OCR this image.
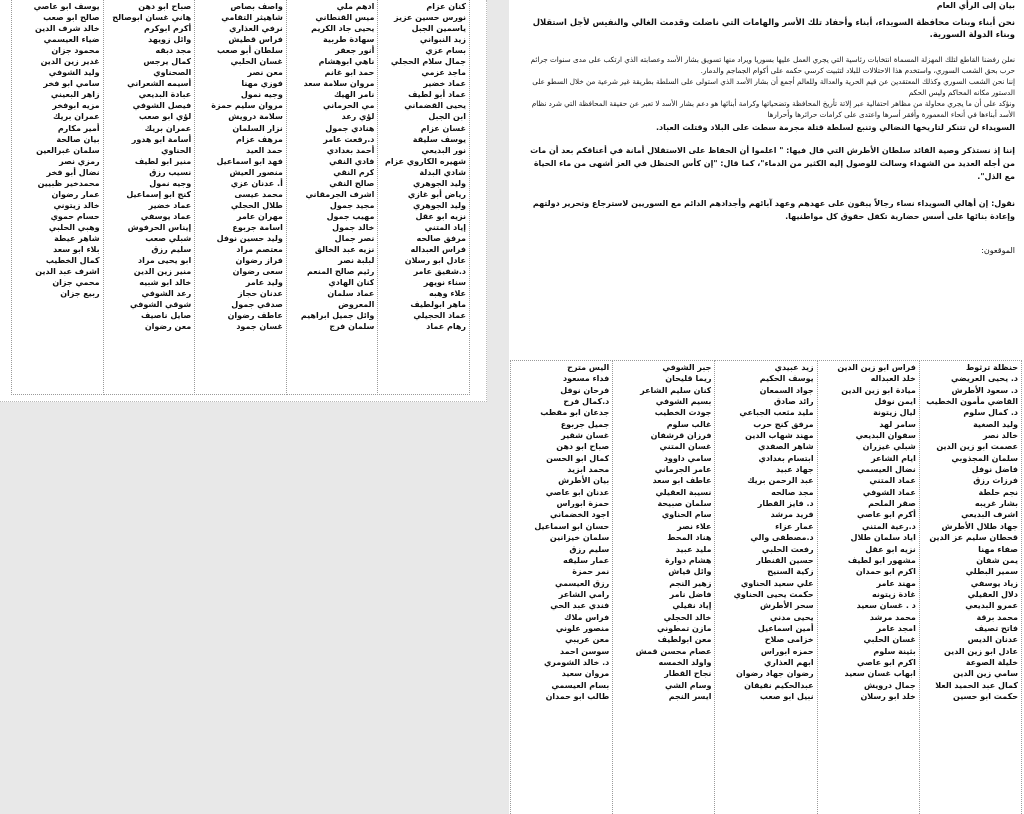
كنان عزام
نورس حسين عزيز
ياسمين الجبل
زيد النبواني
بسام عزي
جمال سلام الحجلي
ماجد عزمي
عماد خضير
عماد أبو لطيف
يحيى القضماني
ابن الجبل
غسان عزام
يوسف سليقة
نور البديعي
شهيره الكاروي عزام
شادي البدلة
وليد الجوهري
رياض أبو غازي
وليد الجوهري
نزيه ابو عقل
إياد المتني
مرفق صالحه
فراس العبداله
عادل ابو رسلان
د.شفيق عامر
سناء نويهر
علاء وهبه
ماهر ابولطيف
عماد الحجيلي
رهام عماد
ادهم ملي
ميس القنطاني
يحيى جاد الكريم
سهادة طربية
أنور جعفر
ناهي ابوهشام
حمد ابو غانم
مروان سلامة سعد
نامر الهيك
مي الحرماني
لؤي رعد
هنادي جمول
د.رفعت عامر
أحمد بغدادي
فادي النقي
كرم النقي
صالح النقي
اشرف الجرمقاني
مجيد جمول
مهيب جمول
خالد جمول
نصر جمال
نزيه عبد الخالق
لبلبة نصر
رئيم صالح المنعم
كنان الهادي
عماد سلمان
المعروض
وائل جميل ابراهيم
سلمان فرج
واصف بصاص
شاهيثر التقامي
نرفي العذاري
فراس قطيش
سلطان أبو صعب
غسان الحلبي
معن نصر
فوزي مهنا
وجيه نمول
مروان سليم حمزة
سلامة درويش
نزار السلمان
مرهف عزام
حمد العيد
فهد ابو اسماعيل
منصور العيش
أ. عدنان عزي
محمد عيسى
طلال الحجلي
مهران عامر
اسامة جربوع
وليد حسين نوفل
معتصم مراد
فراز رضوان
سعى رضوان
وليد عامر
عدنان حجاز
صدقي جمول
عاطف رضوان
غسان جمود
صباح ابو دهن
هاني غسان ابوصالح
أكرم ابوكرم
وائل زويهد
مجد دبقه
كمال يرجس
الصحناوي
أسيمه الشعراني
عبادة البديعي
فيصل الشوفي
لؤي ابو صعب
عمران بريك
أسامة ابو هدور
الحناوي
منير ابو لطيف
نسيب رزق
وجيه نمول
كنج ابو إسماعيل
عماد خضير
عماد يوسفي
إيناس الحرفوش
شبلي صعب
سليم رزق
ابو يحيى مراد
منير زين الدين
خالد ابو شبيه
رعد الشوفي
شوقي الشوفي
صايل ناصيف
معن رضوان
يوسف ابو عاصي
صالح ابو صعب
خالد شرف الدين
ضياء العيسمي
محمود جزان
غدير زين الدين
وليد الشوفي
سامي ابو فخر
زاهر البعيني
مزيه ابوفخر
عمران بريك
أمير مكارم
بيان صالحة
سلمان غبرالعين
رمزي نصر
نضال أبو فخر
محمدخير ظبيين
عمار رضوان
خالد زيتوني
حسام حموي
وهبي الحلبي
شاهر عيطة
بلاء ابو سعد
كمال الخطيب
اشرف عبد الدين
محمي جزان
ربيع جزان

بيان إلى الرأي العام

نحن أبناء وبنات محافظة السويداء، أبناء وأحفاد تلك الأسر والهامات التي ناضلت وقدمت الغالي والنفيس لأجل استقلال وبناء الدولة السورية.

نعلن رفضنا القاطع لتلك المهزلة المسماة انتخابات رئاسية التي يجري العمل عليها بسوريا ويراد منها تسويق بشار الأسد وعصابته الذي ارتكب على مدى سنوات جرائم حرب بحق الشعب السوري، واستخدم هذا الاحتلالات للبلاد لتثبيت كرسي حكمه على أكوام الجماجم والدمار.

إننا نحن الشعب السوري وكذلك المعتقدين عن قيم الحرية والعدالة وللعالم أجمع أن بشار الأسد الذي استولى على السلطة بطريقة غير شرعية من خلال السطو على الدستور مكانه المحاكم وليس الحكم

ونؤكد على أن ما يجري محاولة من مظاهر احتفالية عبر إلاتة تأريخ المحافظة وتضحياتها وكرامة أبنائها هو دعم بشار الأسد لا تعبر عن حقيقة المحافظة التي شرد نظام الأسد أبناءها في أنحاء المعمورة وأفقر أسرها واعتدى على كرامات حرائرها وأحرارها

السويداء لن تتنكر لتاريخها النضالي وتنبع لسلطة قتلة مجرمة سطت على البلاد وقتلت العباد.

إننا إذ نستذكر وصية القائد سلطان الأطرش التي قال فيها: " اعلموا أن الحفاظ على الاستقلال أمانة في أعناقكم بعد أن مات من أجله العديد من الشهداء وسالت للوصول إليه الكثير من الدماء"، كما قال: "إن كأس الحنظل في العز أشهى من ماء الحياة مع الذل".

نقول: إن أهالي السويداء نساء رجالاً يبقون على عهدهم وعهد آبائهم وأجدادهم الدائم مع السوريين لاسترجاع وتحرير دولتهم وإعادة بنائها على أسس حضارية تكفل حقوق كل مواطنيها.

الموقعون:

حنظلة ترثوط
د. يحيى العريضي
د. سعود الأطرش
القاضي مأمون الخطيب
د. كمال سلوم
وليد الصغية
خالد نصر
عصمت ابو زين الدين
سلمان المجذوبي
فاضل نوفل
فرزات رزق
نجم حلطة
بشار غريبه
اشرف البديعي
جهاد طلال الأطرش
قحطان سليم عز الدين
صفاء مهنا
يمن شفان
سمير البطلي
زياد يوسفي
دلال العقيلي
عمرو البديعي
محمد برقة
فاتح تصيف
عدنان الديس
عادل ابو زين الدين
خليلة الصوعة
سامي زين الدين
كمال عبد الحميد العلا
حكمت ابو حسين
فراس ابو زين الدين
خلد العبداله
ميادة ابو زين الدين
ايمن نوفل
ليال زيتونة
سامر لهد
سفوان البديعي
شبلي غيزران
ايام الشاعر
نضال العيسمي
عماد المتني
عماد الشوفي
صقر الملحم
أكرم ابو عاصي
د.رعية المتني
اياد سلمان طلال
نزيه ابو عقل
مشهور ابو لطيف
اكرم ابو حمدان
مهند عامر
غادة زيتونه
د . غسان سعيد
محمد مرشد
امجد عامر
غسان الحلبي
بثينة سلوم
اكرم ابو عاصي
ابهاب غسان سعيد
جمال درويش
خلد ابو رسلان
زيد عبيدي
يوسف الحكيم
جواد السمعان
رائد صادق
مليد مثعب الجباعي
مرفق كنج حرب
مهند شهاب الدين
شاهر الصفدي
ابتسام بغدادي
جهاد عبيد
عبد الرحمن بريك
مجد صالحه
د. فايز القطار
فريد مرشد
عمار عزاء
د.مصطفى والي
رفعت الحلبي
حسين القنطار
زكية السنيح
علي سعيد الحناوي
حكمت يحيى الحناوي
سحر الأطرش
يحيى مدني
أمين اسماعيل
خزامى صلاح
حمزه ابوراس
ابهم العذاري
رضوان جهاد رضوان
عبدالحكيم نقيقان
نبيل ابو صعب
جبر الشوفي
ريما قليحان
كنان سليم الشاعر
بسيم الشوفي
جودت الخطيب
غالب سلوم
فرزان قرشفان
غسان المتني
سامي داوود
عامر الجرماني
عاطف ابو سعد
نسيبة العقيلي
سلمان صبيحة
سام الحناوي
علاء نصر
هناد المحط
مليد عبيد
هشام دوارة
وائل قياش
زهير النجم
فاضل نامر
إياد نفيلي
خالد الحجلي
مازن تمطوني
معن ابولطيف
عصام محسن قمش
واولد الخمسه
نجاح القطار
وسام الشي
ايسر النجم
اليس مترح
فداء مسعود
فرحان نوفل
د.كمال فرح
جدعان ابو مقطب
جميل جربوع
غسان شقير
صباح ابو دهن
كمال ابو الحسن
محمد ابزيد
بيان الأطرش
عدنان ابو عاصي
حمزة ابوراس
اجود الخضماني
حسان ابو اسماعيل
سلمان خيزانين
سليم رزق
عمار سليقه
نمر حمزة
رزق العيسمي
رامي الشاعر
فندي عبد الحي
فراس ملاك
منصور علوني
معن عريبي
سوسن احمد
د. خالد الشومري
مروان سعيد
بسام العيسمي
طالب ابو حمدان
